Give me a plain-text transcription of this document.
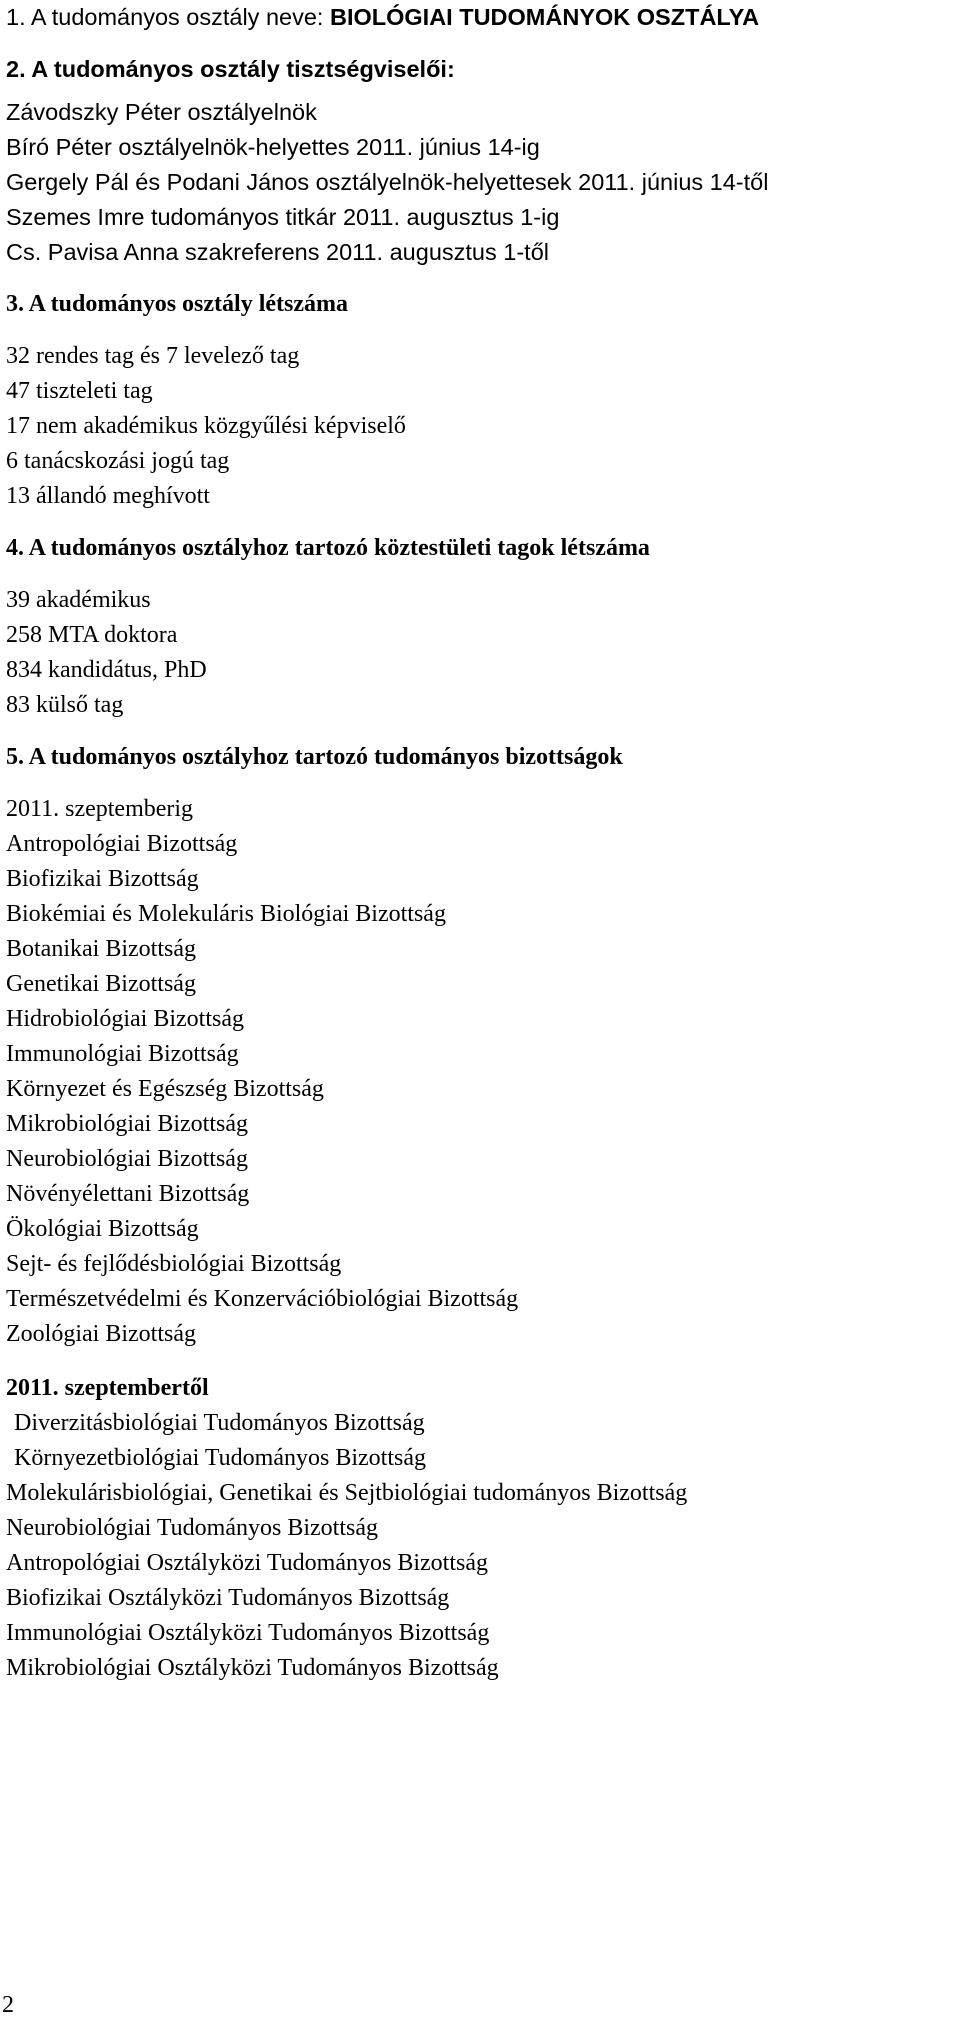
1. A tudományos osztály neve: BIOLÓGIAI TUDOMÁNYOK OSZTÁLYA
2. A tudományos osztály tisztségviselői:
Závodszky Péter osztályelnök
Bíró Péter osztályelnök-helyettes 2011. június 14-ig
Gergely Pál és Podani János osztályelnök-helyettesek 2011. június 14-től
Szemes Imre tudományos titkár 2011. augusztus 1-ig
Cs. Pavisa Anna szakreferens 2011. augusztus 1-től
3. A tudományos osztály létszáma
32 rendes tag és 7 levelező tag
47 tiszteleti tag
17 nem akadémikus közgyűlési képviselő
6 tanácskozási jogú tag
13 állandó meghívott
4. A tudományos osztályhoz tartozó köztestületi tagok létszáma
39 akadémikus
258 MTA doktora
834 kandidátus, PhD
83 külső tag
5. A tudományos osztályhoz tartozó tudományos bizottságok
2011. szeptemberig
Antropológiai Bizottság
Biofizikai Bizottság
Biokémiai és Molekuláris Biológiai Bizottság
Botanikai Bizottság
Genetikai Bizottság
Hidrobiológiai Bizottság
Immunológiai Bizottság
Környezet és Egészség Bizottság
Mikrobiológiai Bizottság
Neurobiológiai Bizottság
Növényélettani Bizottság
Ökológiai Bizottság
Sejt- és fejlődésbiológiai Bizottság
Természetvédelmi és Konzervációbiológiai Bizottság
Zoológiai Bizottság
2011. szeptembertől
Diverzitásbiológiai Tudományos Bizottság
Környezetbiológiai Tudományos Bizottság
Molekulárisbiológiai, Genetikai és Sejtbiológiai tudományos Bizottság
Neurobiológiai Tudományos Bizottság
Antropológiai Osztályközi Tudományos Bizottság
Biofizikai Osztályközi Tudományos Bizottság
Immunológiai Osztályközi Tudományos Bizottság
Mikrobiológiai Osztályközi Tudományos Bizottság
2
